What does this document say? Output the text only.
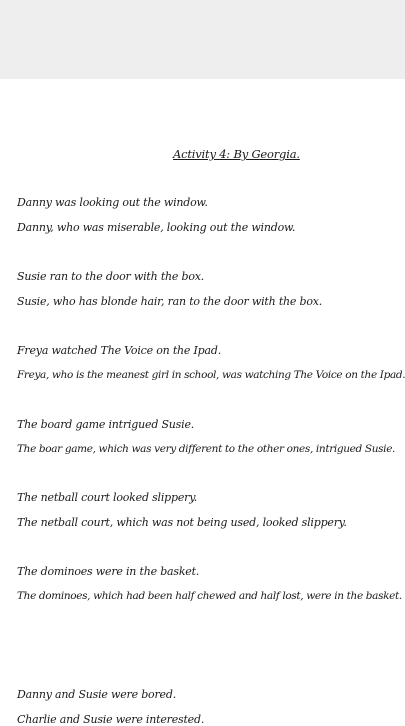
Activity 4: By Georgia.
Danny was looking out the window.
Danny, who was miserable, looking out the window.
Susie ran to the door with the box.
Susie, who has blonde hair, ran to the door with the box.
Freya watched The Voice on the Ipad.
Freya, who is the meanest girl in school, was watching The Voice on the Ipad.
The board game intrigued Susie.
The boar game, which was very different to the other ones, intrigued Susie.
The netball court looked slippery.
The netball court, which was not being used, looked slippery.
The dominoes were in the basket.
The dominoes, which had been half chewed and half lost, were in the basket.
Danny and Susie were bored.
Charlie and Susie were interested.
